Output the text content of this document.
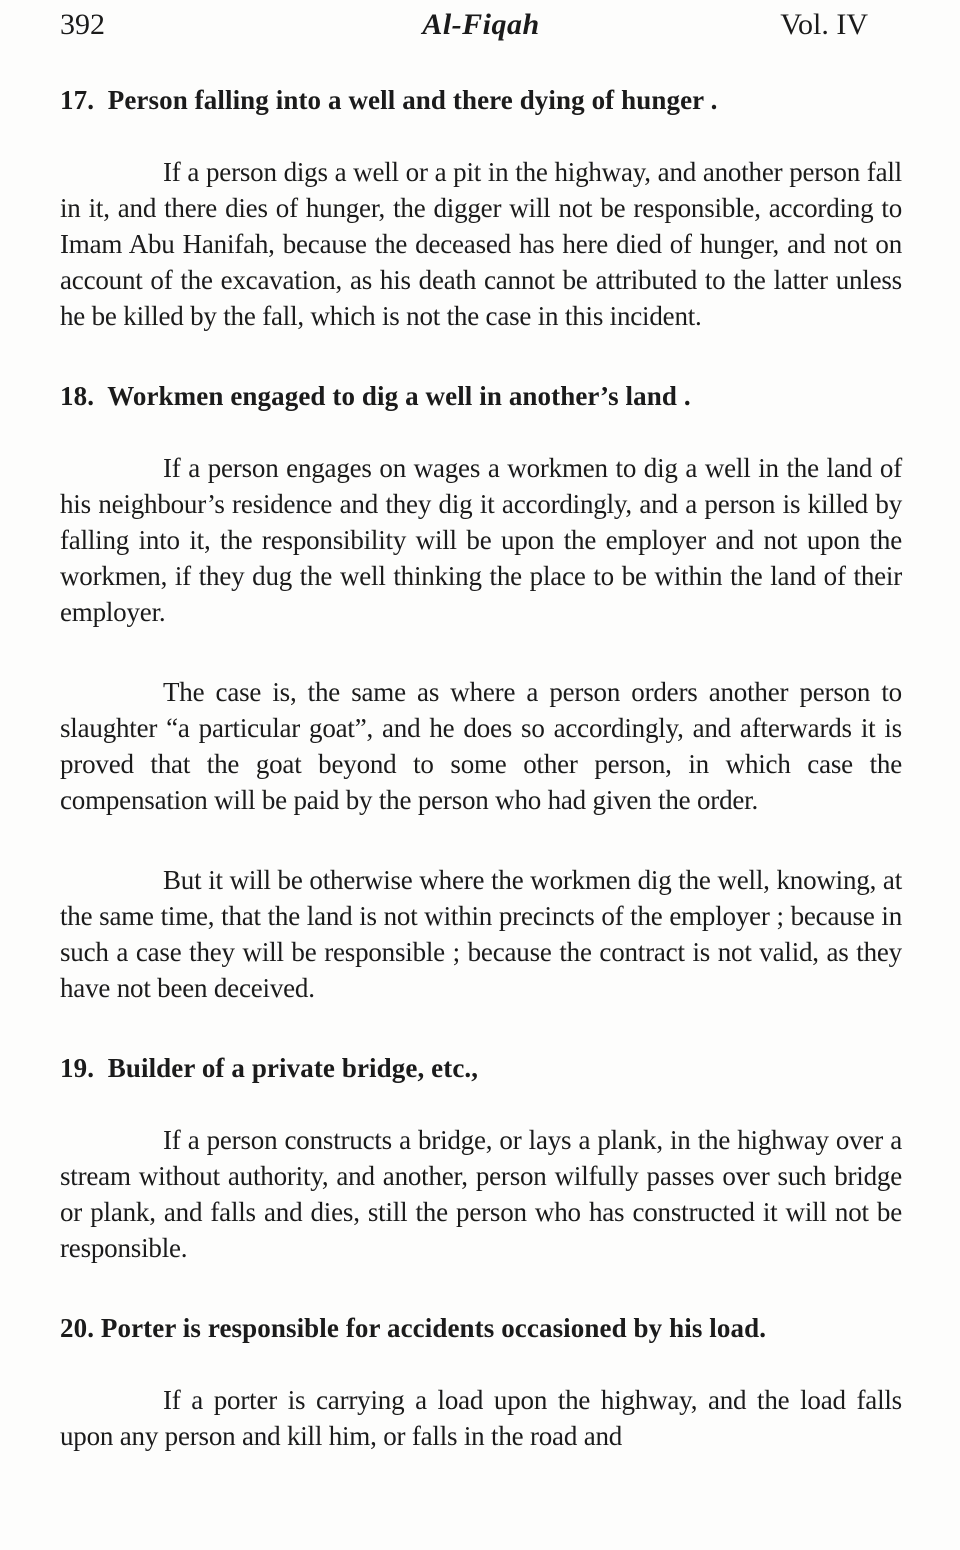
392	Al-Fiqah	Vol. IV
17.  Person falling into a well and there dying of hunger .

If a person digs a well or a pit in the highway, and another person fall in it, and there dies of hunger, the digger will not be responsible, according to Imam Abu Hanifah, because the deceased has here died of hunger, and not on account of the excavation, as his death cannot be attributed to the latter unless he be killed by the fall, which is not the case in this incident.

18.  Workmen engaged to dig a well in another’s land .

If a person engages on wages a workmen to dig a well in the land of his neighbour’s residence and they dig it accordingly, and a person is killed by falling into it, the responsibility will be upon the employer and not upon the workmen, if they dug the well thinking the place to be within the land of their employer.

The case is, the same as where a person orders another person to slaughter “a particular goat”, and he does so accordingly, and afterwards it is proved that the goat beyond to some other person, in which case the compensation will be paid by the person who had given the order.

But it will be otherwise where the workmen dig the well, knowing, at the same time, that the land is not within precincts of the employer ; because in such a case they will be responsible ; because the contract is not valid, as they have not been deceived.

19.  Builder of a private bridge, etc.,

If a person constructs a bridge, or lays a plank, in the highway over a stream without authority, and another, person wilfully passes over such bridge or plank, and falls and dies, still the person who has constructed it will not be responsible.

20. Porter is responsible for accidents occasioned by his load.

If a porter is carrying a load upon the highway, and the load falls upon any person and kill him, or falls in the road and
